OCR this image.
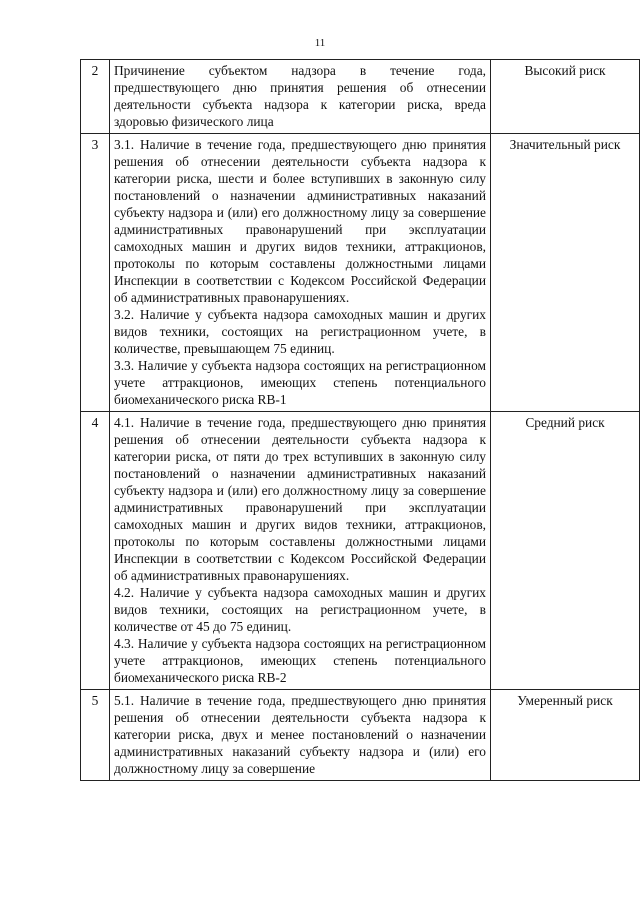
11
2	Причинение субъектом надзора в течение года, предшествующего дню принятия решения об отнесении деятельности субъекта надзора к категории риска, вреда здоровью физического лица	Высокий риск
3	3.1. Наличие в течение года, предшествующего дню принятия решения об отнесении деятельности субъекта надзора к категории риска, шести и более вступивших в законную силу постановлений о назначении административных наказаний субъекту надзора и (или) его должностному лицу за совершение административных правонарушений при эксплуатации самоходных машин и других видов техники, аттракционов, протоколы по которым составлены должностными лицами Инспекции в соответствии с Кодексом Российской Федерации об административных правонарушениях.
3.2. Наличие у субъекта надзора самоходных машин и других видов техники, состоящих на регистрационном учете, в количестве, превышающем 75 единиц.
3.3. Наличие у субъекта надзора состоящих на регистрационном учете аттракционов, имеющих степень потенциального биомеханического риска RB-1	Значительный риск
4	4.1. Наличие в течение года, предшествующего дню принятия решения об отнесении деятельности субъекта надзора к категории риска, от пяти до трех вступивших в законную силу постановлений о назначении административных наказаний субъекту надзора и (или) его должностному лицу за совершение административных правонарушений при эксплуатации самоходных машин и других видов техники, аттракционов, протоколы по которым составлены должностными лицами Инспекции в соответствии с Кодексом Российской Федерации об административных правонарушениях.
4.2. Наличие у субъекта надзора самоходных машин и других видов техники, состоящих на регистрационном учете, в количестве от 45 до 75 единиц.
4.3. Наличие у субъекта надзора состоящих на регистрационном учете аттракционов, имеющих степень потенциального биомеханического риска RB-2	Средний риск
5	5.1. Наличие в течение года, предшествующего дню принятия решения об отнесении деятельности субъекта надзора к категории риска, двух и менее постановлений о назначении административных наказаний субъекту надзора и (или) его должностному лицу за совершение	Умеренный риск
